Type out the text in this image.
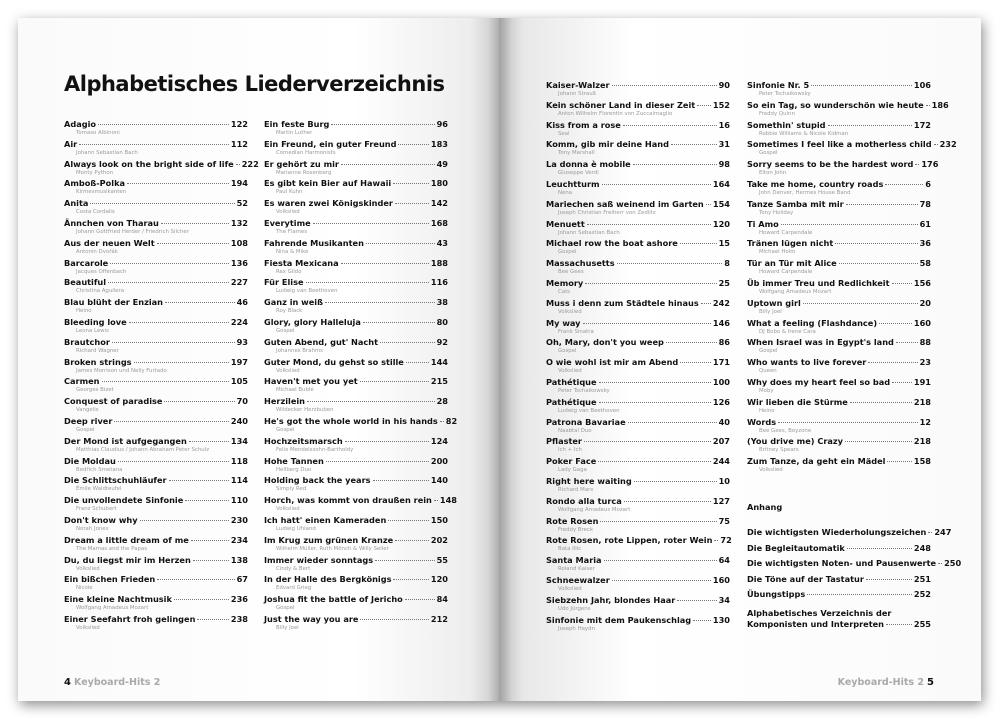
Alphabetisches Liederverzeichnis
Adagio	122
Tomaso Albinoni
Air	112
Johann Sebastian Bach
Always look on the bright side of life 222
Monty Python
Amboß-Polka	194
Kirmesmusikanten
Anita	52
Costa Cordalis
Ännchen von Tharau	132
Johann Gottfried Herder / Friedrich Silcher
Aus der neuen Welt	108
Antonín Dvořák
Barcarole	136
Jacques Offenbach
Beautiful	227
Christina Aguilera
Blau blüht der Enzian	46
Heino
Bleeding love	224
Leona Lewis
Brautchor	93
Richard Wagner
Broken strings	197
James Morrison und Nelly Furtado
Carmen	105
Georges Bizet
Conquest of paradise	70
Vangelis
Deep river	240
Gospel
Der Mond ist aufgegangen	134
Matthias Claudius / Johann Abraham Peter Schulz
Die Moldau	118
Bedřich Smetana
Die Schlittschuhläufer	114
Émile Waldteufel
Die unvollendete Sinfonie	110
Franz Schubert
Don't know why	230
Norah Jones
Dream a little dream of me	234
The Mamas and the Papas
Du, du liegst mir im Herzen	138
Volkslied
Ein bißchen Frieden	67
Nicole
Eine kleine Nachtmusik	236
Wolfgang Amadeus Mozart
Einer Seefahrt froh gelingen	238
Volkslied
Ein feste Burg	96
Martin Luther
Ein Freund, ein guter Freund	183
Comedian Harmonists
Er gehört zu mir	49
Marianne Rosenberg
Es gibt kein Bier auf Hawaii	180
Paul Kuhn
Es waren zwei Königskinder	142
Volkslied
Everytime	168
The Flames
Fahrende Musikanten	43
Nina & Mike
Fiesta Mexicana	188
Rex Gildo
Für Elise	116
Ludwig van Beethoven
Ganz in weiß	38
Roy Black
Glory, glory Halleluja	80
Gospel
Guten Abend, gut' Nacht	92
Johannes Brahms
Guter Mond, du gehst so stille	144
Volkslied
Haven't met you yet	215
Michael Bublé
Herzilein	28
Wildecker Herzbuben
He's got the whole world in his hands 82
Gospel
Hochzeitsmarsch	124
Felix Mendelssohn-Bartholdy
Hohe Tannen	200
Hellberg Duo
Holding back the years	140
Simply Red
Horch, was kommt von draußen rein 148
Volkslied
Ich hatt' einen Kameraden	150
Ludwig Uhland
Im Krug zum grünen Kranze	202
Wilhelm Müller, Ruth Mönch & Willy Seiler
Immer wieder sonntags	55
Cindy & Bert
In der Halle des Bergkönigs	120
Edvard Grieg
Joshua fit the battle of Jericho	84
Gospel
Just the way you are	212
Billy Joel
4 Keyboard-Hits 2
Kaiser-Walzer	90
Johann Strauß
Kein schöner Land in dieser Zeit 152
Anton Wilhelm Florentin von Zuccalmaglio
Kiss from a rose	16
Seal
Komm, gib mir deine Hand	31
Tony Marshall
La donna è mobile	98
Giuseppe Verdi
Leuchtturm	164
Nena
Mariechen saß weinend im Garten 154
Joseph Christian Freiherr von Zedlitz
Menuett	120
Johann Sebastian Bach
Michael row the boat ashore	15
Gospel
Massachusetts	8
Bee Gees
Memory	25
Cats
Muss i denn zum Städtele hinaus 242
Volkslied
My way	146
Frank Sinatra
Oh, Mary, don't you weep	86
Gospel
O wie wohl ist mir am Abend	171
Volkslied
Pathétique	100
Peter Tschaikowsky
Pathétique	126
Ludwig van Beethoven
Patrona Bavariae	40
Naabtal Duo
Pflaster	207
Ich + Ich
Poker Face	244
Lady Gaga
Right here waiting	10
Richard Marx
Rondo alla turca	127
Wolfgang Amadeus Mozart
Rote Rosen	75
Freddy Breck
Rote Rosen, rote Lippen, roter Wein 72
Bata Illic
Santa Maria	64
Roland Kaiser
Schneewalzer	160
Volkslied
Siebzehn Jahr, blondes Haar	34
Udo Jürgens
Sinfonie mit dem Paukenschlag	130
Joseph Haydn
Sinfonie Nr. 5	106
Peter Tschaikowsky
So ein Tag, so wunderschön wie heute 186
Freddy Quinn
Somethin' stupid	172
Robbie Williams & Nicole Kidman
Sometimes I feel like a motherless child 232
Gospel
Sorry seems to be the hardest word 176
Elton John
Take me home, country roads	6
John Denver, Hermes House Band
Tanze Samba mit mir	78
Tony Holiday
Ti Amo	61
Howard Carpendale
Tränen lügen nicht	36
Michael Holm
Tür an Tür mit Alice	58
Howard Carpendale
Üb immer Treu und Redlichkeit	156
Wolfgang Amadeus Mozart
Uptown girl	20
Billy Joel
What a feeling (Flashdance)	160
DJ Bobo & Irene Cara
When Israel was in Egypt's land	88
Gospel
Who wants to live forever	23
Queen
Why does my heart feel so bad	191
Moby
Wir lieben die Stürme	218
Heino
Words	12
Bee Gees, Boyzone
(You drive me) Crazy	218
Britney Spears
Zum Tanze, da geht ein Mädel	158
Volkslied
Anhang
Die wichtigsten Wiederholungszeichen 247
Die Begleitautomatik	248
Die wichtigsten Noten- und Pausenwerte 250
Die Töne auf der Tastatur	251
Übungstipps	252
Alphabetisches Verzeichnis der
Komponisten und Interpreten	255
Keyboard-Hits 2 5
